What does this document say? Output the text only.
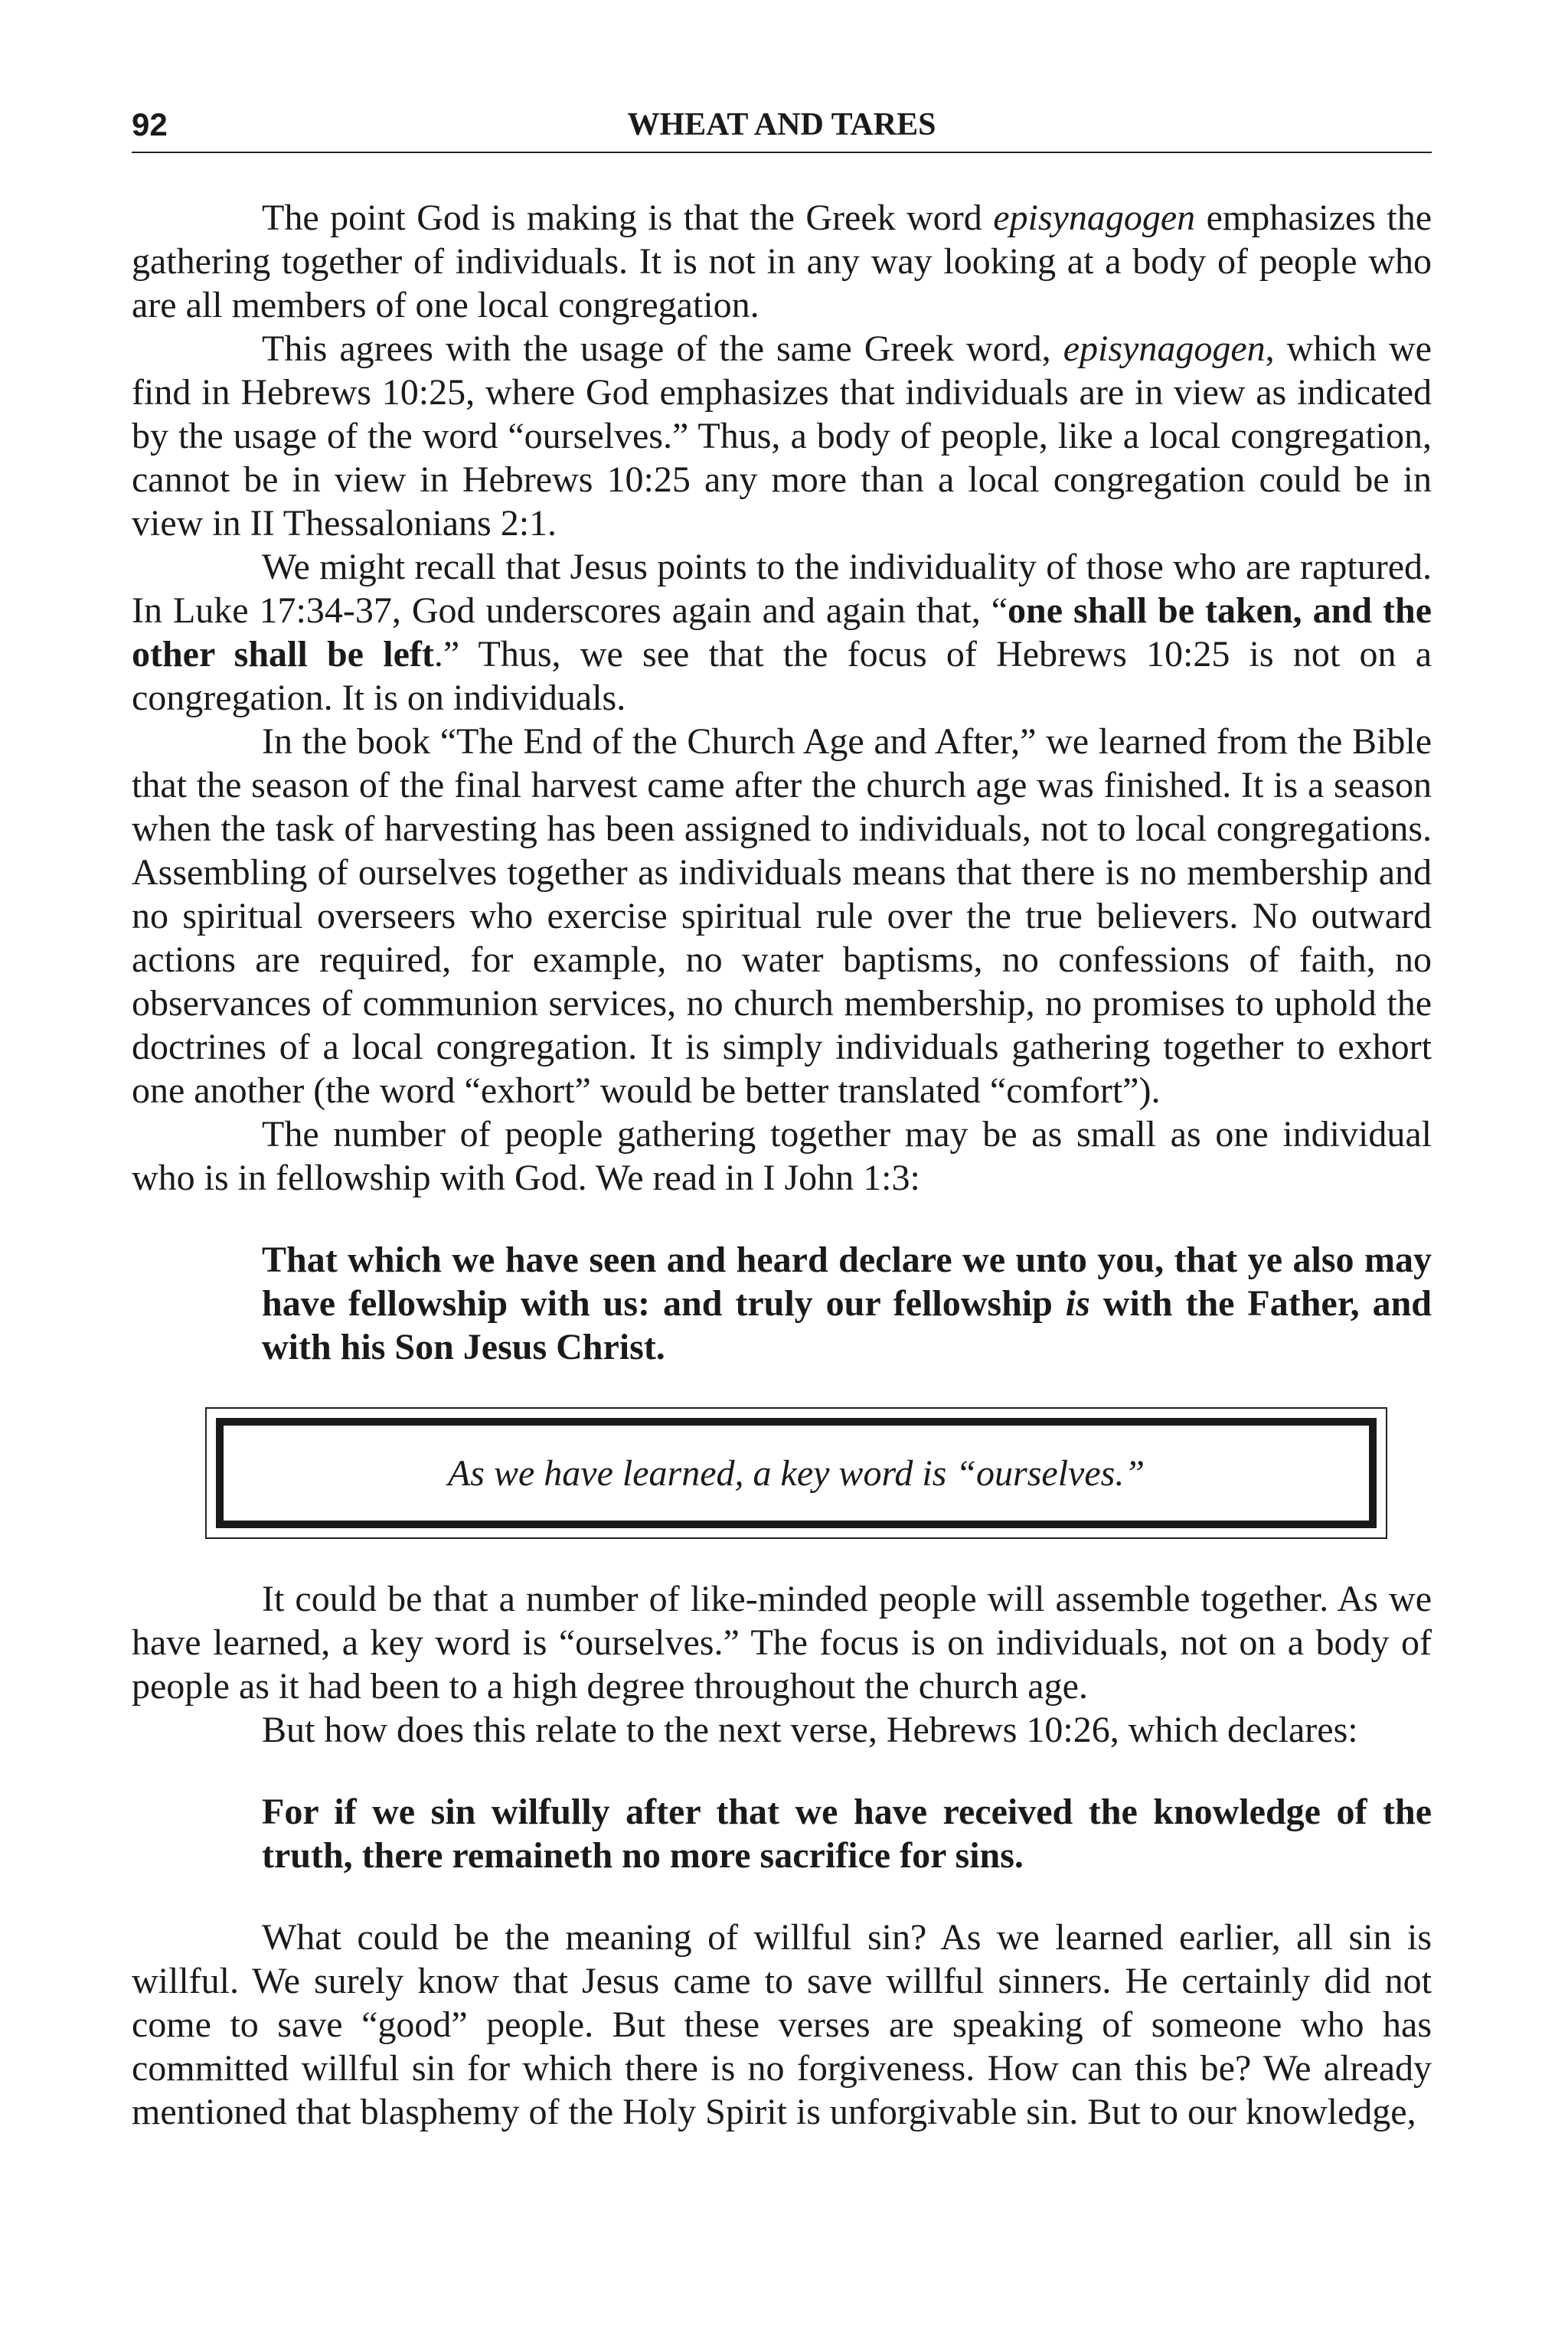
92	WHEAT AND TARES

The point God is making is that the Greek word episynagogen emphasizes the gathering together of individuals. It is not in any way looking at a body of people who are all members of one local congregation.

This agrees with the usage of the same Greek word, episynagogen, which we find in Hebrews 10:25, where God emphasizes that individuals are in view as indicated by the usage of the word “ourselves.” Thus, a body of people, like a local congregation, cannot be in view in Hebrews 10:25 any more than a local congregation could be in view in II Thessalonians 2:1.

We might recall that Jesus points to the individuality of those who are raptured. In Luke 17:34-37, God underscores again and again that, “one shall be taken, and the other shall be left.” Thus, we see that the focus of Hebrews 10:25 is not on a congregation. It is on individuals.

In the book “The End of the Church Age and After,” we learned from the Bible that the season of the final harvest came after the church age was finished. It is a season when the task of harvesting has been assigned to individuals, not to local congregations. Assembling of ourselves together as individuals means that there is no membership and no spiritual overseers who exercise spiritual rule over the true believers. No outward actions are required, for example, no water baptisms, no confessions of faith, no observances of communion services, no church membership, no promises to uphold the doctrines of a local congregation. It is simply individuals gathering together to exhort one another (the word “exhort” would be better translated “comfort”).

The number of people gathering together may be as small as one individual who is in fellowship with God. We read in I John 1:3:

That which we have seen and heard declare we unto you, that ye also may have fellowship with us: and truly our fellowship is with the Father, and with his Son Jesus Christ.
As we have learned, a key word is “ourselves.”

It could be that a number of like-minded people will assemble together. As we have learned, a key word is “ourselves.” The focus is on individuals, not on a body of people as it had been to a high degree throughout the church age.

But how does this relate to the next verse, Hebrews 10:26, which declares:

For if we sin wilfully after that we have received the knowledge of the truth, there remaineth no more sacrifice for sins.

What could be the meaning of willful sin? As we learned earlier, all sin is willful. We surely know that Jesus came to save willful sinners. He certainly did not come to save “good” people. But these verses are speaking of someone who has committed willful sin for which there is no forgiveness. How can this be? We already mentioned that blasphemy of the Holy Spirit is unforgivable sin. But to our knowledge,
